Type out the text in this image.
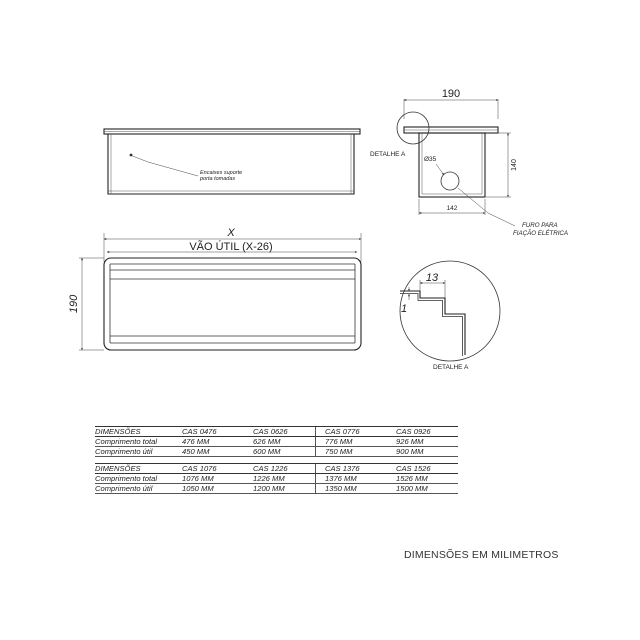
Encaixes suporte
porta tomadas
190
140
142
Ø35
DETALHE A
FURO PARA
FIAÇÃO ELÉTRICA
X
VÃO ÚTIL (X-26)
190
13
1
DETALHE A
DIMENSÕES	CAS 0476	CAS 0626	CAS 0776	CAS 0926
Comprimento total	476 MM	626 MM	776 MM	926 MM
Comprimento útil	450 MM	600 MM	750 MM	900 MM
DIMENSÕES	CAS 1076	CAS 1226	CAS 1376	CAS 1526
Comprimento total	1076 MM	1226 MM	1376 MM	1526 MM
Comprimento útil	1050 MM	1200 MM	1350 MM	1500 MM
DIMENSÕES EM MILIMETROS
